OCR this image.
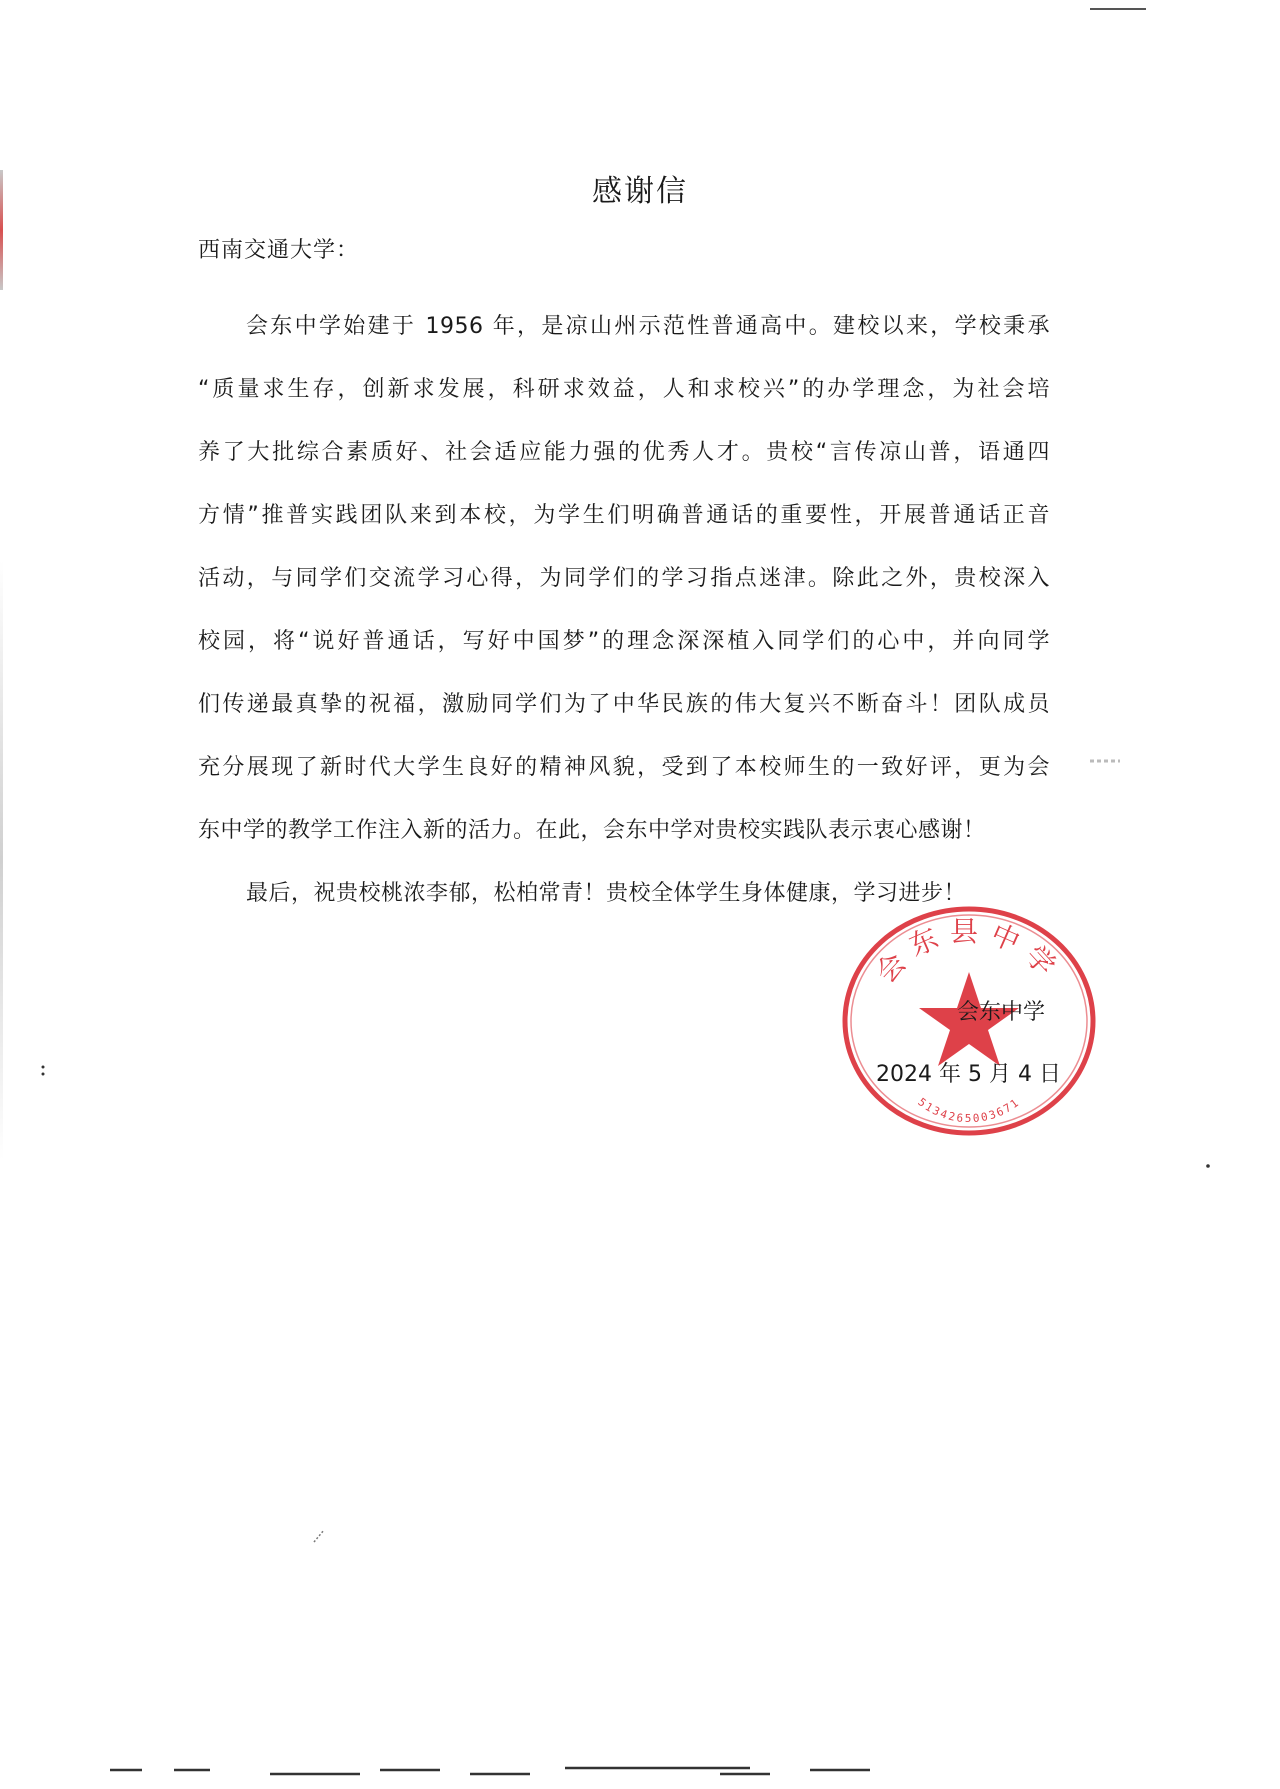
感谢信
西南交通大学：
会东中学始建于 1956 年，是凉山州示范性普通高中。建校以来，学校秉承
“质量求生存，创新求发展，科研求效益，人和求校兴”的办学理念，为社会培
养了大批综合素质好、社会适应能力强的优秀人才。贵校“言传凉山普，语通四
方情”推普实践团队来到本校，为学生们明确普通话的重要性，开展普通话正音
活动，与同学们交流学习心得，为同学们的学习指点迷津。除此之外，贵校深入
校园，将“说好普通话，写好中国梦”的理念深深植入同学们的心中，并向同学
们传递最真挚的祝福，激励同学们为了中华民族的伟大复兴不断奋斗！团队成员
充分展现了新时代大学生良好的精神风貌，受到了本校师生的一致好评，更为会
东中学的教学工作注入新的活力。在此，会东中学对贵校实践队表示衷心感谢！
最后，祝贵校桃浓李郁，松柏常青！贵校全体学生身体健康，学习进步！
会东县中学
5134265003671
会东中学
2024 年 5 月 4 日
